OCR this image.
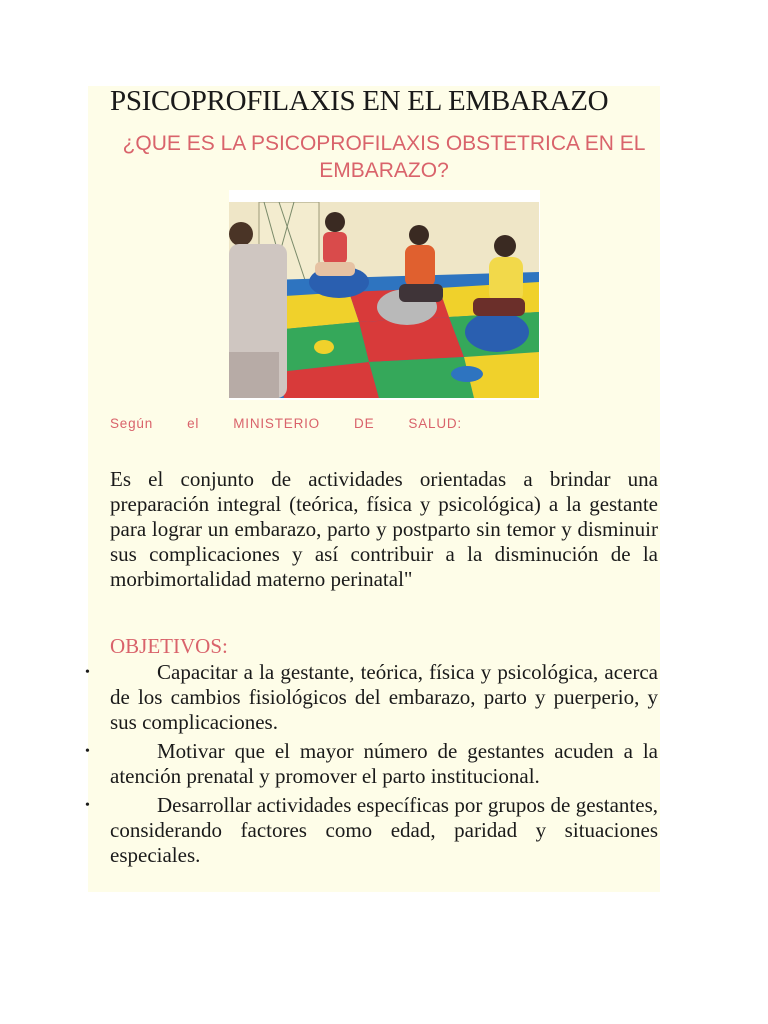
PSICOPROFILAXIS EN EL EMBARAZO
¿QUE ES LA PSICOPROFILAXIS OBSTETRICA EN EL EMBARAZO?
Según	el	MINISTERIO	DE	SALUD:
Es el conjunto de actividades orientadas a brindar una preparación integral (teórica, física y psicológica) a la gestante para lograr un embarazo, parto y postparto sin temor y disminuir sus complicaciones y así contribuir a la disminución de la morbimortalidad materno perinatal"
OBJETIVOS:
•	Capacitar a la gestante, teórica, física y psicológica, acerca de los cambios fisiológicos del embarazo, parto y puerperio, y sus complicaciones.
•	Motivar que el mayor número de gestantes acuden a la atención prenatal y promover el parto institucional.
•	Desarrollar actividades específicas por grupos de gestantes, considerando factores como edad, paridad y situaciones especiales.
